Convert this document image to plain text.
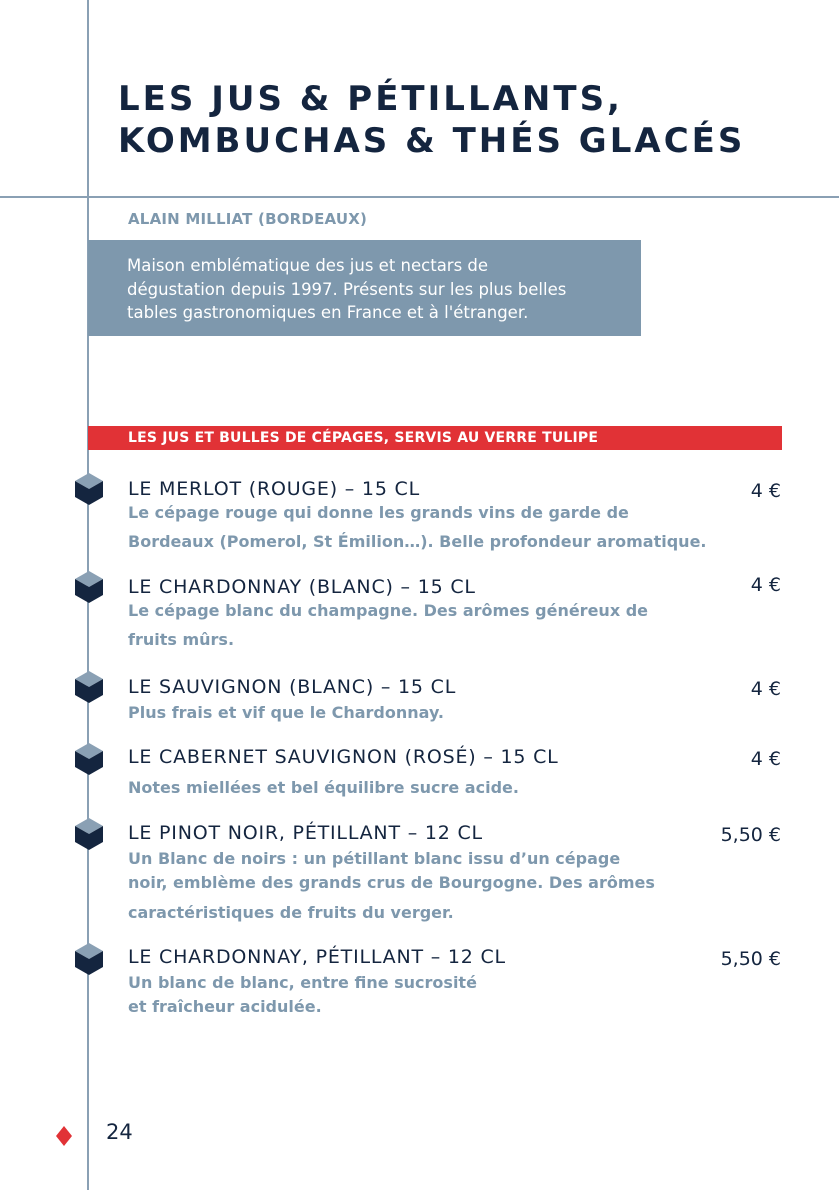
LES JUS & PÉTILLANTS,
KOMBUCHAS & THÉS GLACÉS
ALAIN MILLIAT (BORDEAUX)
Maison emblématique des jus et nectars de
dégustation depuis 1997. Présents sur les plus belles
tables gastronomiques en France et à l'étranger.
LES JUS ET BULLES DE CÉPAGES, SERVIS AU VERRE TULIPE
LE MERLOT (ROUGE) – 15 CL	4 €
Le cépage rouge qui donne les grands vins de garde de
Bordeaux (Pomerol, St Émilion…). Belle profondeur aromatique.
LE CHARDONNAY (BLANC) – 15 CL	4 €
Le cépage blanc du champagne. Des arômes généreux de
fruits mûrs.
LE SAUVIGNON (BLANC) – 15 CL	4 €
Plus frais et vif que le Chardonnay.
LE CABERNET SAUVIGNON (ROSÉ) – 15 CL	4 €
Notes miellées et bel équilibre sucre acide.
LE PINOT NOIR, PÉTILLANT – 12 CL	5,50 €
Un Blanc de noirs : un pétillant blanc issu d’un cépage
noir, emblème des grands crus de Bourgogne. Des arômes
caractéristiques de fruits du verger.
LE CHARDONNAY, PÉTILLANT – 12 CL	5,50 €
Un blanc de blanc, entre fine sucrosité
et fraîcheur acidulée.
24
